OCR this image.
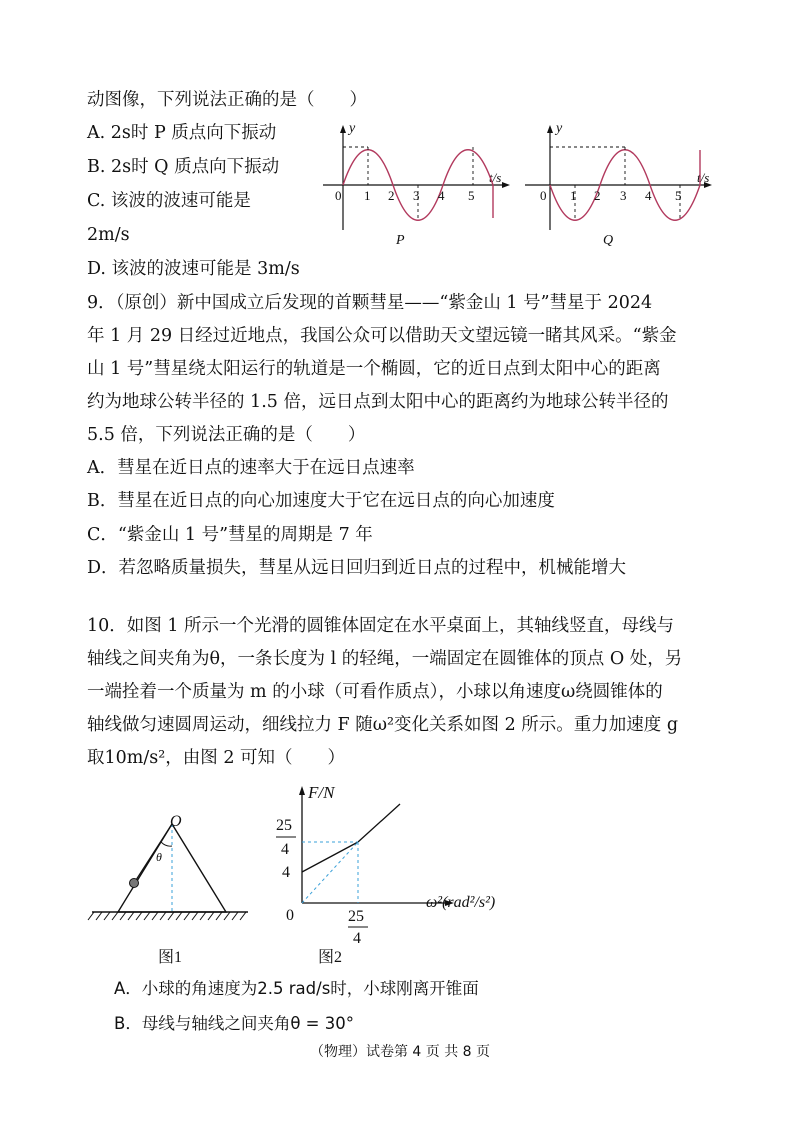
动图像，下列说法正确的是（　　）
A. 2s时 P 质点向下振动
B. 2s时 Q 质点向下振动
C. 该波的波速可能是
2m/s
D. 该波的波速可能是 3m/s
y
t/s
0 1 2 3 4 5
P
y
t/s
0 1 2 3 4 5
Q
9．（原创）新中国成立后发现的首颗彗星——“紫金山 1 号”彗星于 2024
年 1 月 29 日经过近地点，我国公众可以借助天文望远镜一睹其风采。“紫金
山 1 号”彗星绕太阳运行的轨道是一个椭圆，它的近日点到太阳中心的距离
约为地球公转半径的 1.5 倍，远日点到太阳中心的距离约为地球公转半径的
5.5 倍，下列说法正确的是（　　）
A．彗星在近日点的速率大于在远日点速率
B．彗星在近日点的向心加速度大于它在远日点的向心加速度
C．“紫金山 1 号”彗星的周期是 7 年
D．若忽略质量损失，彗星从远日回归到近日点的过程中，机械能增大
10．如图 1 所示一个光滑的圆锥体固定在水平桌面上，其轴线竖直，母线与
轴线之间夹角为θ，一条长度为 l 的轻绳，一端固定在圆锥体的顶点 O 处，另
一端拴着一个质量为 m 的小球（可看作质点），小球以角速度ω绕圆锥体的
轴线做匀速圆周运动，细线拉力 F 随ω²变化关系如图 2 所示。重力加速度 g
取10m/s²，由图 2 可知（　　）
O
θ
图1
F/N
ω²(rad²/s²)
25
4
4
0	25
4
图2
A．小球的角速度为2.5 rad/s时，小球刚离开锥面
B．母线与轴线之间夹角θ = 30°
（物理）试卷第 4 页 共 8 页
